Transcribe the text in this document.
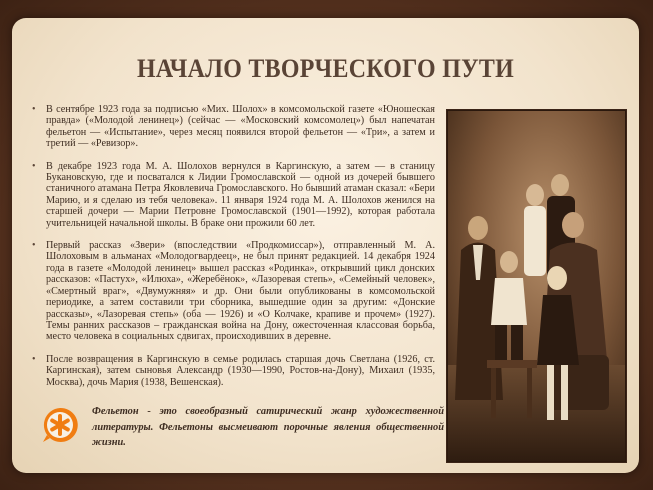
НАЧАЛО ТВОРЧЕСКОГО ПУТИ
• В сентябре 1923 года за подписью «Мих. Шолох» в комсомольской газете «Юношеская правда» («Молодой ленинец») (сейчас — «Московский комсомолец») был напечатан фельетон — «Испытание», через месяц появился второй фельетон — «Три», а затем и третий — «Ревизор».
• В декабре 1923 года М. А. Шолохов вернулся в Каргинскую, а затем — в станицу Букановскую, где и посватался к Лидии Громославской — одной из дочерей бывшего станичного атамана Петра Яковлевича Громославского. Но бывший атаман сказал: «Бери Марию, и я сделаю из тебя человека». 11 января 1924 года М. А. Шолохов женился на старшей дочери — Марии Петровне Громославской (1901—1992), которая работала учительницей начальной школы. В браке они прожили 60 лет.
• Первый рассказ «Звери» (впоследствии «Продкомиссар»), отправленный М. А. Шолоховым в альманах «Молодогвардеец», не был принят редакцией. 14 декабря 1924 года в газете «Молодой ленинец» вышел рассказ «Родинка», открывший цикл донских рассказов: «Пастух», «Илюха», «Жеребёнок», «Лазоревая степь», «Семейный человек», «Смертный враг», «Двумужняя» и др. Они были опубликованы в комсомольской периодике, а затем составили три сборника, вышедшие один за другим: «Донские рассказы», «Лазоревая степь» (оба — 1926) и «О Колчаке, крапиве и прочем» (1927). Темы ранних рассказов – гражданская война на Дону, ожесточенная классовая борьба, место человека в социальных сдвигах, происходивших в деревне.
• После возвращения в Каргинскую в семье родилась старшая дочь Светлана (1926, ст. Каргинская), затем сыновья Александр (1930—1990, Ростов-на-Дону), Михаил (1935, Москва), дочь Мария (1938, Вешенская).
Фельетон - это своеобразный сатирический жанр художественной литературы. Фельетоны высмеивают порочные явления общественной жизни.
